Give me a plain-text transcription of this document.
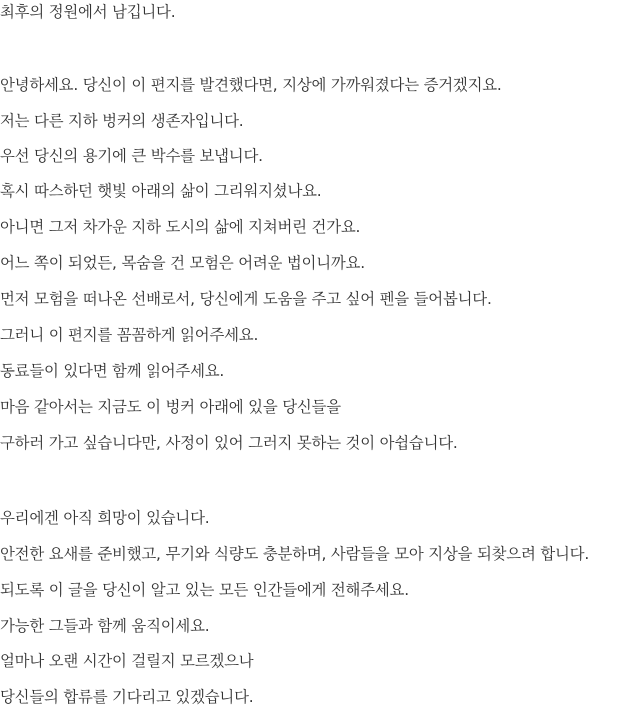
최후의 정원에서 남깁니다.
안녕하세요. 당신이 이 편지를 발견했다면, 지상에 가까워졌다는 증거겠지요.
저는 다른 지하 벙커의 생존자입니다.
우선 당신의 용기에 큰 박수를 보냅니다.
혹시 따스하던 햇빛 아래의 삶이 그리워지셨나요.
아니면 그저 차가운 지하 도시의 삶에 지쳐버린 건가요.
어느 쪽이 되었든, 목숨을 건 모험은 어려운 법이니까요.
먼저 모험을 떠나온 선배로서, 당신에게 도움을 주고 싶어 펜을 들어봅니다.
그러니 이 편지를 꼼꼼하게 읽어주세요.
동료들이 있다면 함께 읽어주세요.
마음 같아서는 지금도 이 벙커 아래에 있을 당신들을
구하러 가고 싶습니다만, 사정이 있어 그러지 못하는 것이 아쉽습니다.
우리에겐 아직 희망이 있습니다.
안전한 요새를 준비했고, 무기와 식량도 충분하며, 사람들을 모아 지상을 되찾으려 합니다.
되도록 이 글을 당신이 알고 있는 모든 인간들에게 전해주세요.
가능한 그들과 함께 움직이세요.
얼마나 오랜 시간이 걸릴지 모르겠으나
당신들의 합류를 기다리고 있겠습니다.
